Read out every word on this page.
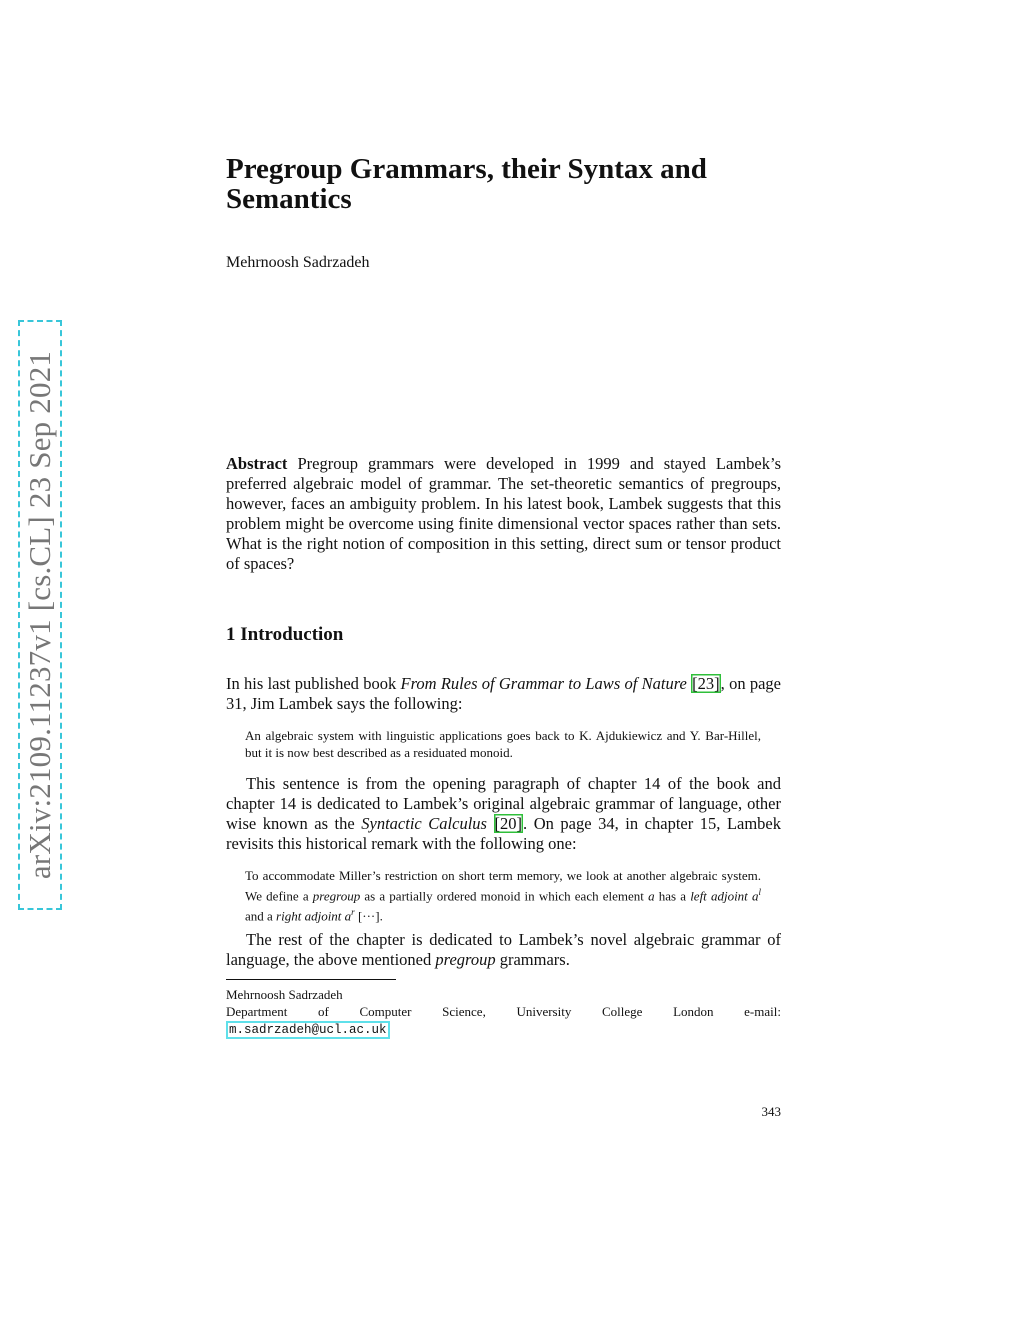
arXiv:2109.11237v1 [cs.CL] 23 Sep 2021
Pregroup Grammars, their Syntax and Semantics
Mehrnoosh Sadrzadeh
Abstract Pregroup grammars were developed in 1999 and stayed Lambek’s preferred algebraic model of grammar. The set-theoretic semantics of pregroups, however, faces an ambiguity problem. In his latest book, Lambek suggests that this problem might be overcome using finite dimensional vector spaces rather than sets. What is the right notion of composition in this setting, direct sum or tensor product of spaces?
1 Introduction
In his last published book From Rules of Grammar to Laws of Nature [23], on page 31, Jim Lambek says the following:
An algebraic system with linguistic applications goes back to K. Ajdukiewicz and Y. Bar-Hillel, but it is now best described as a residuated monoid.
This sentence is from the opening paragraph of chapter 14 of the book and chapter 14 is dedicated to Lambek’s original algebraic grammar of language, other wise known as the Syntactic Calculus [20]. On page 34, in chapter 15, Lambek revisits this historical remark with the following one:
To accommodate Miller’s restriction on short term memory, we look at another algebraic system. We define a pregroup as a partially ordered monoid in which each element a has a left adjoint $a^l$ and a right adjoint $a^r$ [···].
The rest of the chapter is dedicated to Lambek’s novel algebraic grammar of language, the above mentioned pregroup grammars.
Mehrnoosh Sadrzadeh
Department of Computer Science, University College London e-mail:
m.sadrzadeh@ucl.ac.uk
343
